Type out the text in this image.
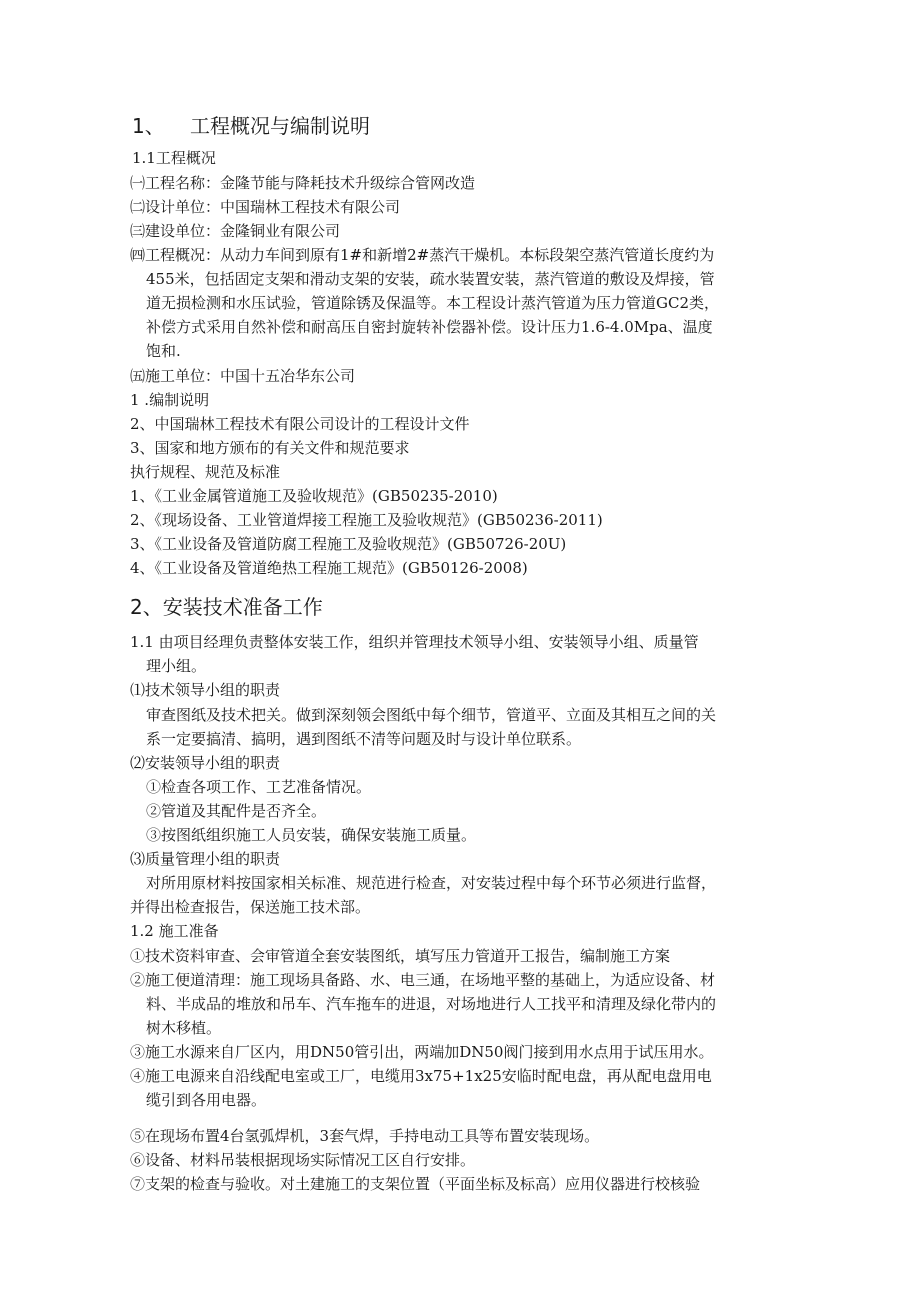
1、 工程概况与编制说明
1.1工程概况
㈠工程名称：金隆节能与降耗技术升级综合管网改造
㈡设计单位：中国瑞林工程技术有限公司
㈢建设单位：金隆铜业有限公司
㈣工程概况：从动力车间到原有1#和新增2#蒸汽干燥机。本标段架空蒸汽管道长度约为
455米，包括固定支架和滑动支架的安装，疏水装置安装，蒸汽管道的敷设及焊接，管
道无损检测和水压试验，管道除锈及保温等。本工程设计蒸汽管道为压力管道GC2类，
补偿方式采用自然补偿和耐高压自密封旋转补偿器补偿。设计压力1.6-4.0Mpa、温度
饱和.
㈤施工单位：中国十五冶华东公司
1 .编制说明
2、中国瑞林工程技术有限公司设计的工程设计文件
3、国家和地方颁布的有关文件和规范要求
执行规程、规范及标准
1、《工业金属管道施工及验收规范》(GB50235-2010)
2、《现场设备、工业管道焊接工程施工及验收规范》(GB50236-2011)
3、《工业设备及管道防腐工程施工及验收规范》(GB50726-20U)
4、《工业设备及管道绝热工程施工规范》(GB50126-2008)
2、安装技术准备工作
1.1 由项目经理负责整体安装工作，组织并管理技术领导小组、安装领导小组、质量管
理小组。
⑴技术领导小组的职责
审查图纸及技术把关。做到深刻领会图纸中每个细节，管道平、立面及其相互之间的关
系一定要搞清、搞明，遇到图纸不清等问题及时与设计单位联系。
⑵安装领导小组的职责
①检查各项工作、工艺准备情况。
②管道及其配件是否齐全。
③按图纸组织施工人员安装，确保安装施工质量。
⑶质量管理小组的职责
对所用原材料按国家相关标准、规范进行检查，对安装过程中每个环节必须进行监督，
并得出检查报告，保送施工技术部。
1.2 施工准备
①技术资料审查、会审管道全套安装图纸，填写压力管道开工报告，编制施工方案
②施工便道清理：施工现场具备路、水、电三通，在场地平整的基础上，为适应设备、材
料、半成品的堆放和吊车、汽车拖车的进退，对场地进行人工找平和清理及绿化带内的
树木移植。
③施工水源来自厂区内，用DN50管引出，两端加DN50阀门接到用水点用于试压用水。
④施工电源来自沿线配电室或工厂，电缆用3x75+1x25安临时配电盘，再从配电盘用电
缆引到各用电器。
⑤在现场布置4台氢弧焊机，3套气焊，手持电动工具等布置安装现场。
⑥设备、材料吊装根据现场实际情况工区自行安排。
⑦支架的检查与验收。对土建施工的支架位置（平面坐标及标高）应用仪器进行校核验
